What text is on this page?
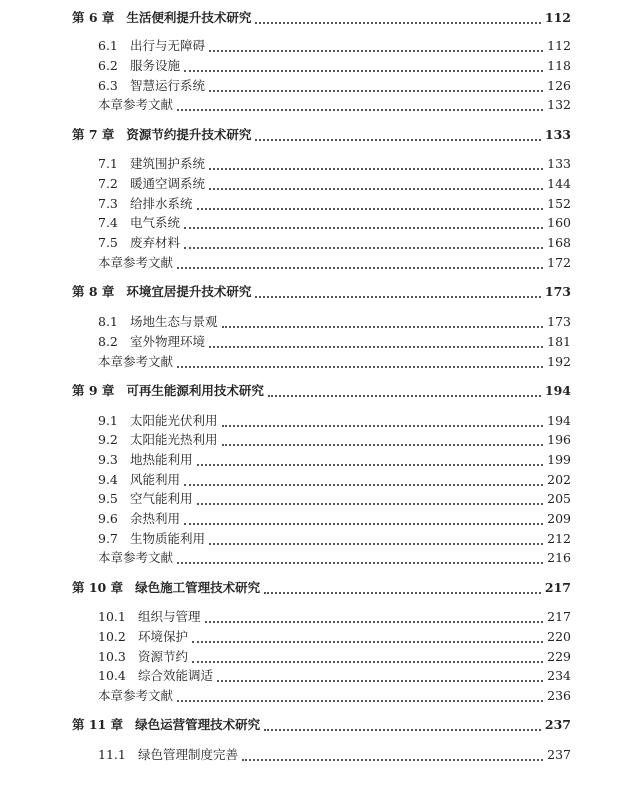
第 6 章 生活便利提升技术研究	112
6.1 出行与无障碍	112
6.2 服务设施	118
6.3 智慧运行系统	126
本章参考文献	132
第 7 章 资源节约提升技术研究	133
7.1 建筑围护系统	133
7.2 暖通空调系统	144
7.3 给排水系统	152
7.4 电气系统	160
7.5 废弃材料	168
本章参考文献	172
第 8 章 环境宜居提升技术研究	173
8.1 场地生态与景观	173
8.2 室外物理环境	181
本章参考文献	192
第 9 章 可再生能源利用技术研究	194
9.1 太阳能光伏利用	194
9.2 太阳能光热利用	196
9.3 地热能利用	199
9.4 风能利用	202
9.5 空气能利用	205
9.6 余热利用	209
9.7 生物质能利用	212
本章参考文献	216
第 10 章 绿色施工管理技术研究	217
10.1 组织与管理	217
10.2 环境保护	220
10.3 资源节约	229
10.4 综合效能调适	234
本章参考文献	236
第 11 章 绿色运营管理技术研究	237
11.1 绿色管理制度完善	237
